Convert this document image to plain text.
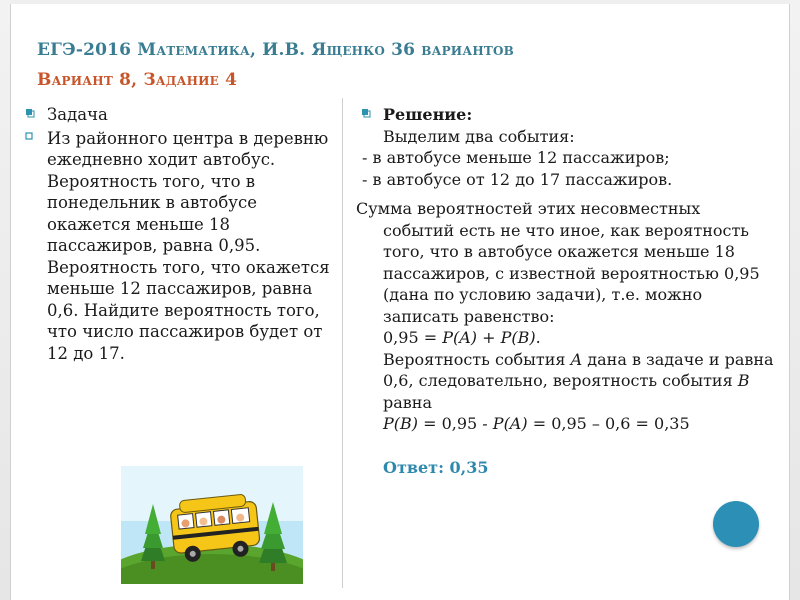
ЕГЭ-2016 Математика, И.В. Ященко 36 вариантов
Вариант 8, Задание 4
Задача
Из районного центра в деревню ежедневно ходит автобус. Вероятность того, что в понедельник в автобусе окажется меньше 18 пассажиров, равна 0,95. Вероятность того, что окажется меньше 12 пассажиров, равна 0,6. Найдите вероятность того, что число пассажиров будет от 12 до 17.
Решение:
Выделим два события:
- в автобусе меньше 12 пассажиров;
- в автобусе от 12 до 17 пассажиров.
Сумма вероятностей этих несовместных
событий есть не что иное, как вероятность того, что в автобусе окажется меньше 18 пассажиров, с известной вероятностью 0,95 (дана по условию задачи), т.е. можно записать равенство:
0,95 = P(A) + P(B).
Вероятность события A дана в задаче и равна 0,6, следовательно, вероятность события B равна
P(B) = 0,95 - P(A) = 0,95 – 0,6 = 0,35
Ответ: 0,35
